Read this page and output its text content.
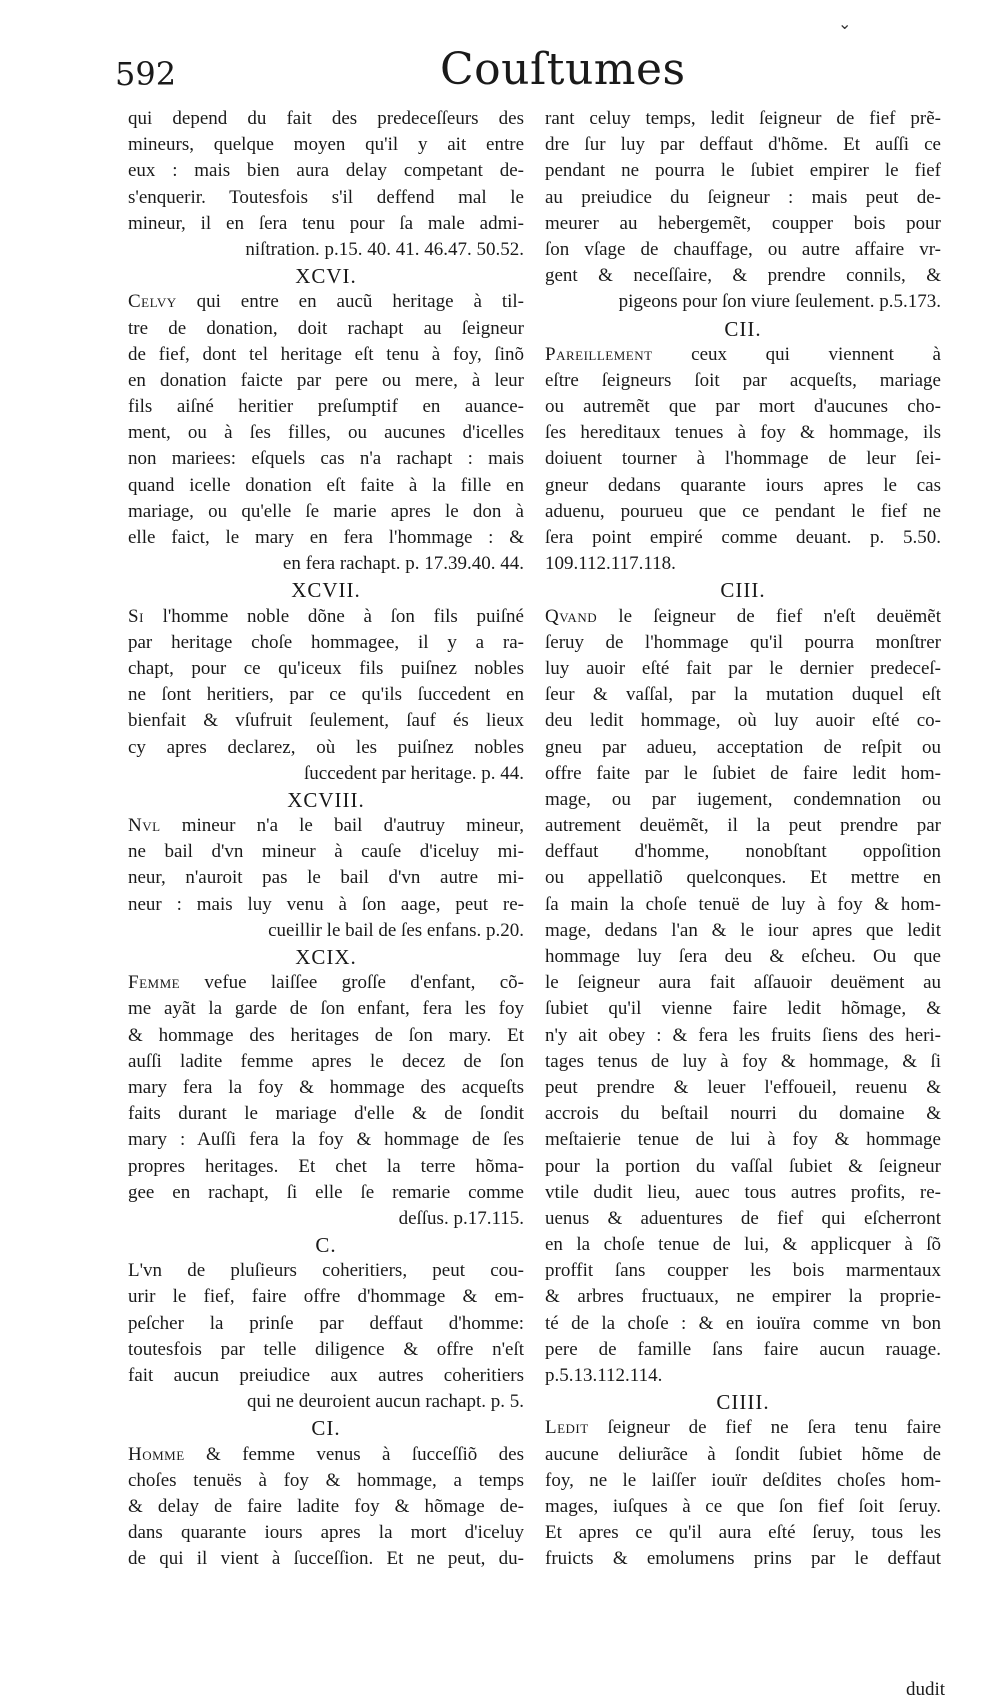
⌄
592	Couſtumes
qui depend du fait des predeceſſeurs des
mineurs, quelque moyen qu'il y ait entre
eux : mais bien aura delay competant de-
s'enquerir. Toutesfois s'il deffend mal le
mineur, il en ſera tenu pour ſa male admi-
niſtration. p.15. 40. 41. 46.47. 50.52.
XCVI.
Celvy qui entre en aucũ heritage à til-
tre de donation, doit rachapt au ſeigneur
de fief, dont tel heritage eſt tenu à foy, ſinõ
en donation faicte par pere ou mere, à leur
fils aiſné heritier preſumptif en auance-
ment, ou à ſes filles, ou aucunes d'icelles
non mariees: eſquels cas n'a rachapt : mais
quand icelle donation eſt faite à la fille en
mariage, ou qu'elle ſe marie apres le don à
elle faict, le mary en fera l'hommage : &
en fera rachapt. p. 17.39.40. 44.
XCVII.
Si l'homme noble dõne à ſon fils puiſné
par heritage choſe hommagee, il y a ra-
chapt, pour ce qu'iceux fils puiſnez nobles
ne ſont heritiers, par ce qu'ils ſuccedent en
bienfait & vſufruit ſeulement, ſauf és lieux
cy apres declarez, où les puiſnez nobles
ſuccedent par heritage. p. 44.
XCVIII.
Nvl mineur n'a le bail d'autruy mineur,
ne bail d'vn mineur à cauſe d'iceluy mi-
neur, n'auroit pas le bail d'vn autre mi-
neur : mais luy venu à ſon aage, peut re-
cueillir le bail de ſes enfans. p.20.
XCIX.
Femme vefue laiſſee groſſe d'enfant, cõ-
me ayãt la garde de ſon enfant, fera les foy
& hommage des heritages de ſon mary. Et
auſſi ladite femme apres le decez de ſon
mary fera la foy & hommage des acqueſts
faits durant le mariage d'elle & de ſondit
mary : Auſſi fera la foy & hommage de ſes
propres heritages. Et chet la terre hõma-
gee en rachapt, ſi elle ſe remarie comme
deſſus. p.17.115.
C.
L'vn de pluſieurs coheritiers, peut cou-
urir le fief, faire offre d'hommage & em-
peſcher la prinſe par deffaut d'homme:
toutesfois par telle diligence & offre n'eſt
fait aucun preiudice aux autres coheritiers
qui ne deuroient aucun rachapt. p. 5.
CI.
Homme & femme venus à ſucceſſiõ des
choſes tenuës à foy & hommage, a temps
& delay de faire ladite foy & hõmage de-
dans quarante iours apres la mort d'iceluy
de qui il vient à ſucceſſion. Et ne peut, du-
rant celuy temps, ledit ſeigneur de fief prẽ-
dre ſur luy par deffaut d'hõme. Et auſſi ce
pendant ne pourra le ſubiet empirer le fief
au preiudice du ſeigneur : mais peut de-
meurer au hebergemẽt, coupper bois pour
ſon vſage de chauffage, ou autre affaire vr-
gent & neceſſaire, & prendre connils, &
pigeons pour ſon viure ſeulement. p.5.173.
CII.
Pareillement ceux qui viennent à
eſtre ſeigneurs ſoit par acqueſts, mariage
ou autremẽt que par mort d'aucunes cho-
ſes hereditaux tenues à foy & hommage, ils
doiuent tourner à l'hommage de leur ſei-
gneur dedans quarante iours apres le cas
aduenu, pourueu que ce pendant le fief ne
ſera point empiré comme deuant. p. 5.50.
109.112.117.118.
CIII.
Qvand le ſeigneur de fief n'eſt deuëmẽt
ſeruy de l'hommage qu'il pourra monſtrer
luy auoir eſté fait par le dernier predeceſ-
ſeur & vaſſal, par la mutation duquel eſt
deu ledit hommage, où luy auoir eſté co-
gneu par adueu, acceptation de reſpit ou
offre faite par le ſubiet de faire ledit hom-
mage, ou par iugement, condemnation ou
autrement deuëmẽt, il la peut prendre par
deffaut d'homme, nonobſtant oppoſition
ou appellatiõ quelconques. Et mettre en
ſa main la choſe tenuë de luy à foy & hom-
mage, dedans l'an & le iour apres que ledit
hommage luy ſera deu & eſcheu. Ou que
le ſeigneur aura fait aſſauoir deuëment au
ſubiet qu'il vienne faire ledit hõmage, &
n'y ait obey : & fera les fruits ſiens des heri-
tages tenus de luy à foy & hommage, & ſi
peut prendre & leuer l'effoueil, reuenu &
accrois du beſtail nourri du domaine &
meſtaierie tenue de lui à foy & hommage
pour la portion du vaſſal ſubiet & ſeigneur
vtile dudit lieu, auec tous autres profits, re-
uenus & aduentures de fief qui eſcherront
en la choſe tenue de lui, & applicquer à ſõ
proffit ſans coupper les bois marmentaux
& arbres fructuaux, ne empirer la proprie-
té de la choſe : & en iouïra comme vn bon
pere de famille ſans faire aucun rauage.
p.5.13.112.114.
CIIII.
Ledit ſeigneur de fief ne ſera tenu faire
aucune deliurãce à ſondit ſubiet hõme de
foy, ne le laiſſer iouïr deſdites choſes hom-
mages, iuſques à ce que ſon fief ſoit ſeruy.
Et apres ce qu'il aura eſté ſeruy, tous les
fruicts & emolumens prins par le deffaut
dudit
